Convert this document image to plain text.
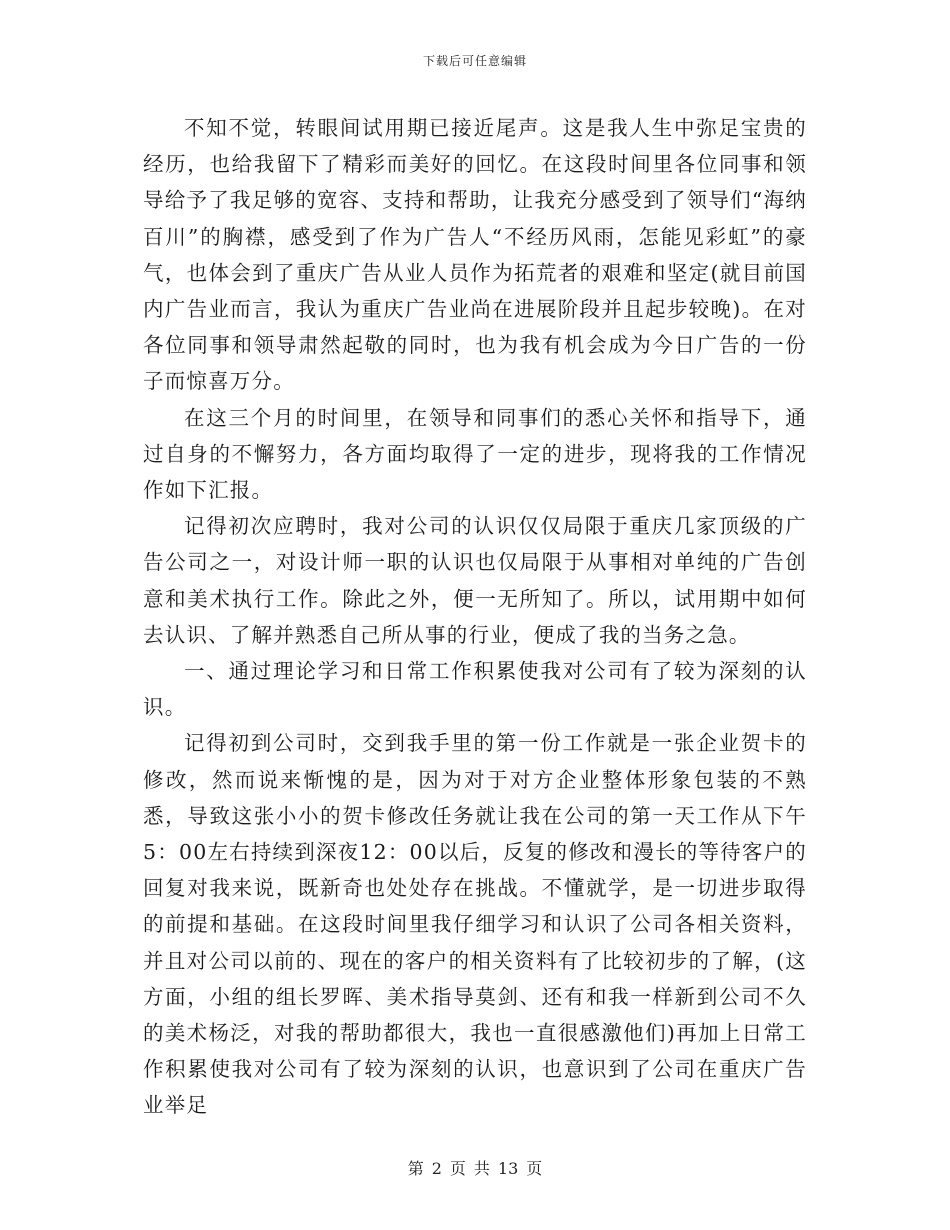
下载后可任意编辑

不知不觉，转眼间试用期已接近尾声。这是我人生中弥足宝贵的经历，也给我留下了精彩而美好的回忆。在这段时间里各位同事和领导给予了我足够的宽容、支持和帮助，让我充分感受到了领导们“海纳百川”的胸襟，感受到了作为广告人“不经历风雨，怎能见彩虹”的豪气，也体会到了重庆广告从业人员作为拓荒者的艰难和坚定(就目前国内广告业而言，我认为重庆广告业尚在进展阶段并且起步较晚)。在对各位同事和领导肃然起敬的同时，也为我有机会成为今日广告的一份子而惊喜万分。

在这三个月的时间里，在领导和同事们的悉心关怀和指导下，通过自身的不懈努力，各方面均取得了一定的进步，现将我的工作情况作如下汇报。

记得初次应聘时，我对公司的认识仅仅局限于重庆几家顶级的广告公司之一，对设计师一职的认识也仅局限于从事相对单纯的广告创意和美术执行工作。除此之外，便一无所知了。所以，试用期中如何去认识、了解并熟悉自己所从事的行业，便成了我的当务之急。

一、通过理论学习和日常工作积累使我对公司有了较为深刻的认识。

记得初到公司时，交到我手里的第一份工作就是一张企业贺卡的修改，然而说来惭愧的是，因为对于对方企业整体形象包装的不熟悉，导致这张小小的贺卡修改任务就让我在公司的第一天工作从下午5：00左右持续到深夜12：00以后，反复的修改和漫长的等待客户的回复对我来说，既新奇也处处存在挑战。不懂就学，是一切进步取得的前提和基础。在这段时间里我仔细学习和认识了公司各相关资料，并且对公司以前的、现在的客户的相关资料有了比较初步的了解，(这方面，小组的组长罗晖、美术指导莫剑、还有和我一样新到公司不久的美术杨泛，对我的帮助都很大，我也一直很感激他们)再加上日常工作积累使我对公司有了较为深刻的认识，也意识到了公司在重庆广告业举足

第 2 页 共 13 页
